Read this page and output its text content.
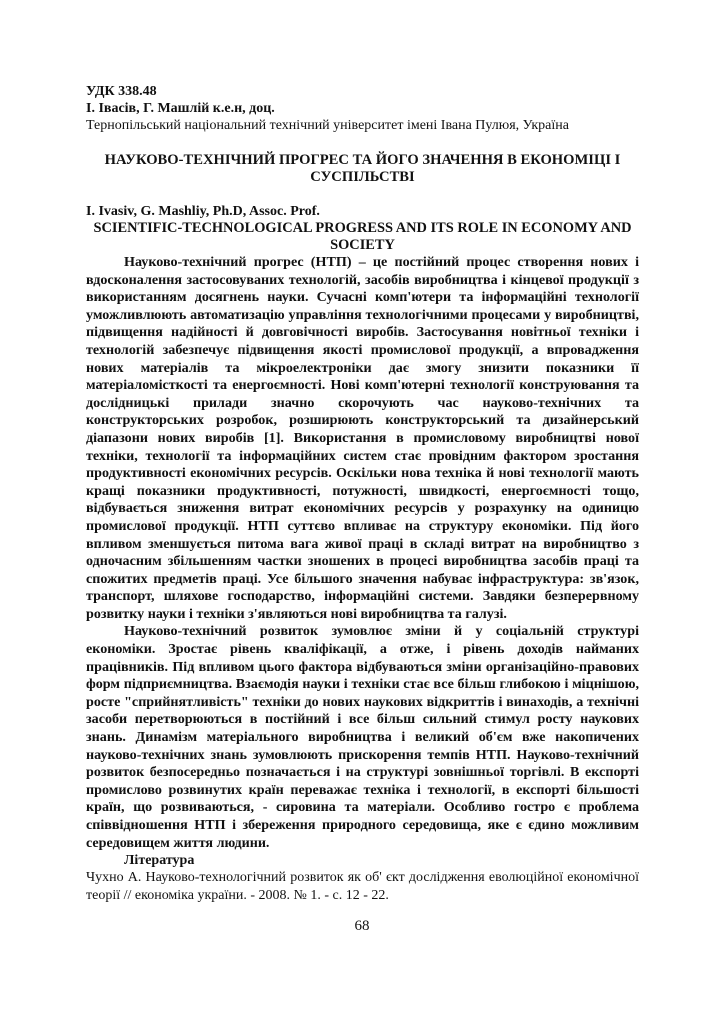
УДК 338.48
І. Івасів, Г. Машлій к.е.н, доц.
Тернопільський національний технічний університет імені Івана Пулюя, Україна
НАУКОВО-ТЕХНІЧНИЙ ПРОГРЕС ТА ЙОГО ЗНАЧЕННЯ В ЕКОНОМІЦІ І СУСПІЛЬСТВІ
I. Ivasiv, G. Mashliy, Ph.D, Assoc. Prof.
SCIENTIFIC-TECHNOLOGICAL PROGRESS AND ITS ROLE IN ECONOMY AND SOCIETY

Науково-технічний прогрес (НТП) – це постійний процес створення нових і вдосконалення застосовуваних технологій, засобів виробництва і кінцевої продукції з використанням досягнень науки. Сучасні комп'ютери та інформаційні технології уможливлюють автоматизацію управління технологічними процесами у виробництві, підвищення надійності й довговічності виробів. Застосування новітньої техніки і технологій забезпечує підвищення якості промислової продукції, а впровадження нових матеріалів та мікроелектроніки дає змогу знизити показники її матеріаломісткості та енергоємності. Нові комп'ютерні технології конструювання та дослідницькі прилади значно скорочують час науково-технічних та конструкторських розробок, розширюють конструкторський та дизайнерський діапазони нових виробів [1]. Використання в промисловому виробництві нової техніки, технології та інформаційних систем стає провідним фактором зростання продуктивності економічних ресурсів. Оскільки нова техніка й нові технології мають кращі показники продуктивності, потужності, швидкості, енергоємності тощо, відбувається зниження витрат економічних ресурсів у розрахунку на одиницю промислової продукції. НТП суттєво впливає на структуру економіки. Під його впливом зменшується питома вага живої праці в складі витрат на виробництво з одночасним збільшенням частки зношених в процесі виробництва засобів праці та спожитих предметів праці. Усе більшого значення набуває інфраструктура: зв'язок, транспорт, шляхове господарство, інформаційні системи. Завдяки безперервному розвитку науки і техніки з'являються нові виробництва та галузі.

Науково-технічний розвиток зумовлює зміни й у соціальній структурі економіки. Зростає рівень кваліфікації, а отже, і рівень доходів найманих працівників. Під впливом цього фактора відбуваються зміни організаційно-правових форм підприємництва. Взаємодія науки і техніки стає все більш глибокою і міцнішою, росте "сприйнятливість" техніки до нових наукових відкриттів і винаходів, а технічні засоби перетворюються в постійний і все більш сильний стимул росту наукових знань. Динамізм матеріального виробництва і великий об'єм вже накопичених науково-технічних знань зумовлюють прискорення темпів НТП. Науково-технічний розвиток безпосередньо позначається і на структурі зовнішньої торгівлі. В експорті промислово розвинутих країн переважає техніка і технології, в експорті більшості країн, що розвиваються, - сировина та матеріали. Особливо гостро є проблема співвідношення НТП і збереження природного середовища, яке є єдино можливим середовищем життя людини.

Література

Чухно А. Науково-технологічний розвиток як об' єкт дослідження еволюційної економічної теорії // економіка україни. - 2008. № 1. - с. 12 - 22.

68
